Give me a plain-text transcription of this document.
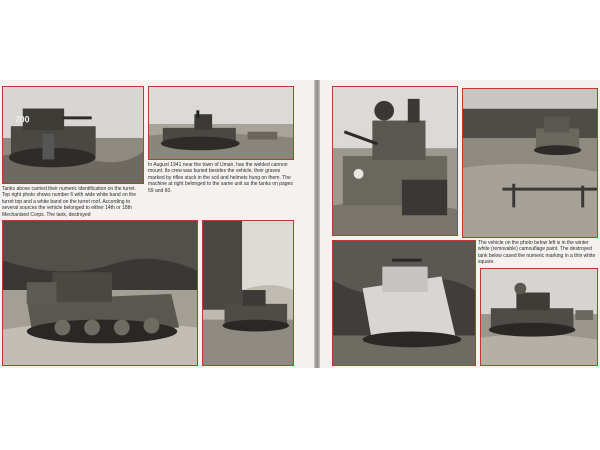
700

Tanks above carried their numeric identification on the turret. Top right photo shows number 6 with wide white band on the turret top and a white band on the turret roof. According to several sources the vehicle belonged to either 14th or 18th Mechanised Corps. The tank, destroyed

In August 1941 near the town of Uman, has the welded cannon mount. Its crew was buried besides the vehicle, their graves marked by rifles stuck in the soil and helmets hung on them. The machine at right belonged to the same unit as the tanks on pages 59 and 60.

The vehicle on the photo below left is in the winter white (removable) camouflage paint. The destroyed tank below cased the numeric marking in a thin white square.
